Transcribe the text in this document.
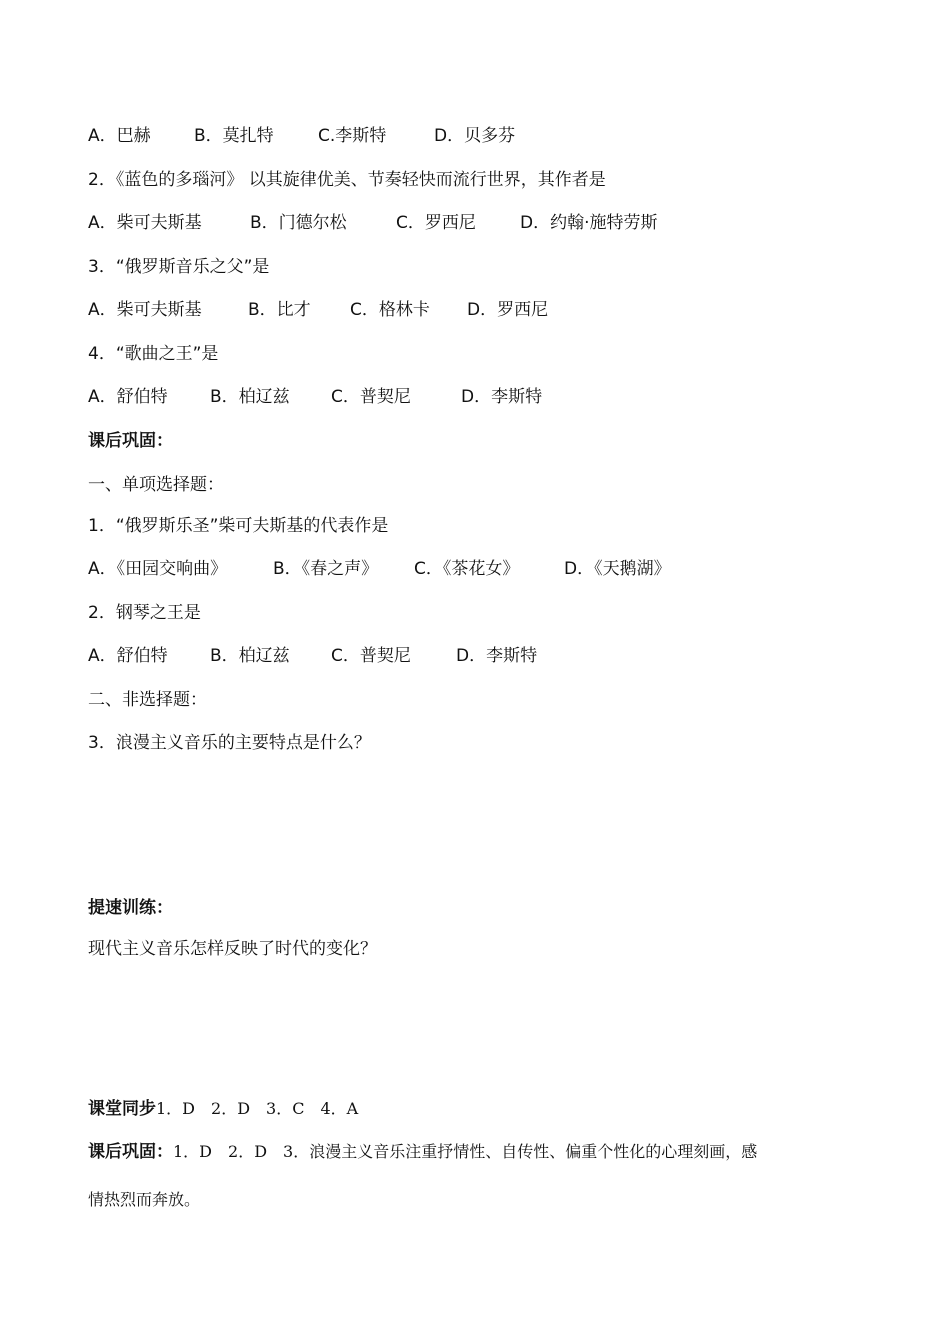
A．巴赫	B．莫扎特	C.李斯特	D．贝多芬
2．《蓝色的多瑙河》 以其旋律优美、节奏轻快而流行世界，其作者是
A．柴可夫斯基	B．门德尔松	C．罗西尼	D．约翰·施特劳斯
3．“俄罗斯音乐之父”是
A．柴可夫斯基	B．比才 C．格林卡 D．罗西尼
4．“歌曲之王”是
A．舒伯特 B．柏辽兹 C．普契尼	D．李斯特
课后巩固：
一、单项选择题：
1．“俄罗斯乐圣”柴可夫斯基的代表作是
A．《田园交响曲》	B．《春之声》 C．《茶花女》	D．《天鹅湖》
2．钢琴之王是
A．舒伯特 B．柏辽兹 C．普契尼	D．李斯特
二、非选择题：
3．浪漫主义音乐的主要特点是什么？
提速训练：
现代主义音乐怎样反映了时代的变化？
课堂同步1．D　2．D　3．C　4．A
课后巩固：1．D　2．D　3．浪漫主义音乐注重抒情性、自传性、偏重个性化的心理刻画，感
情热烈而奔放。
